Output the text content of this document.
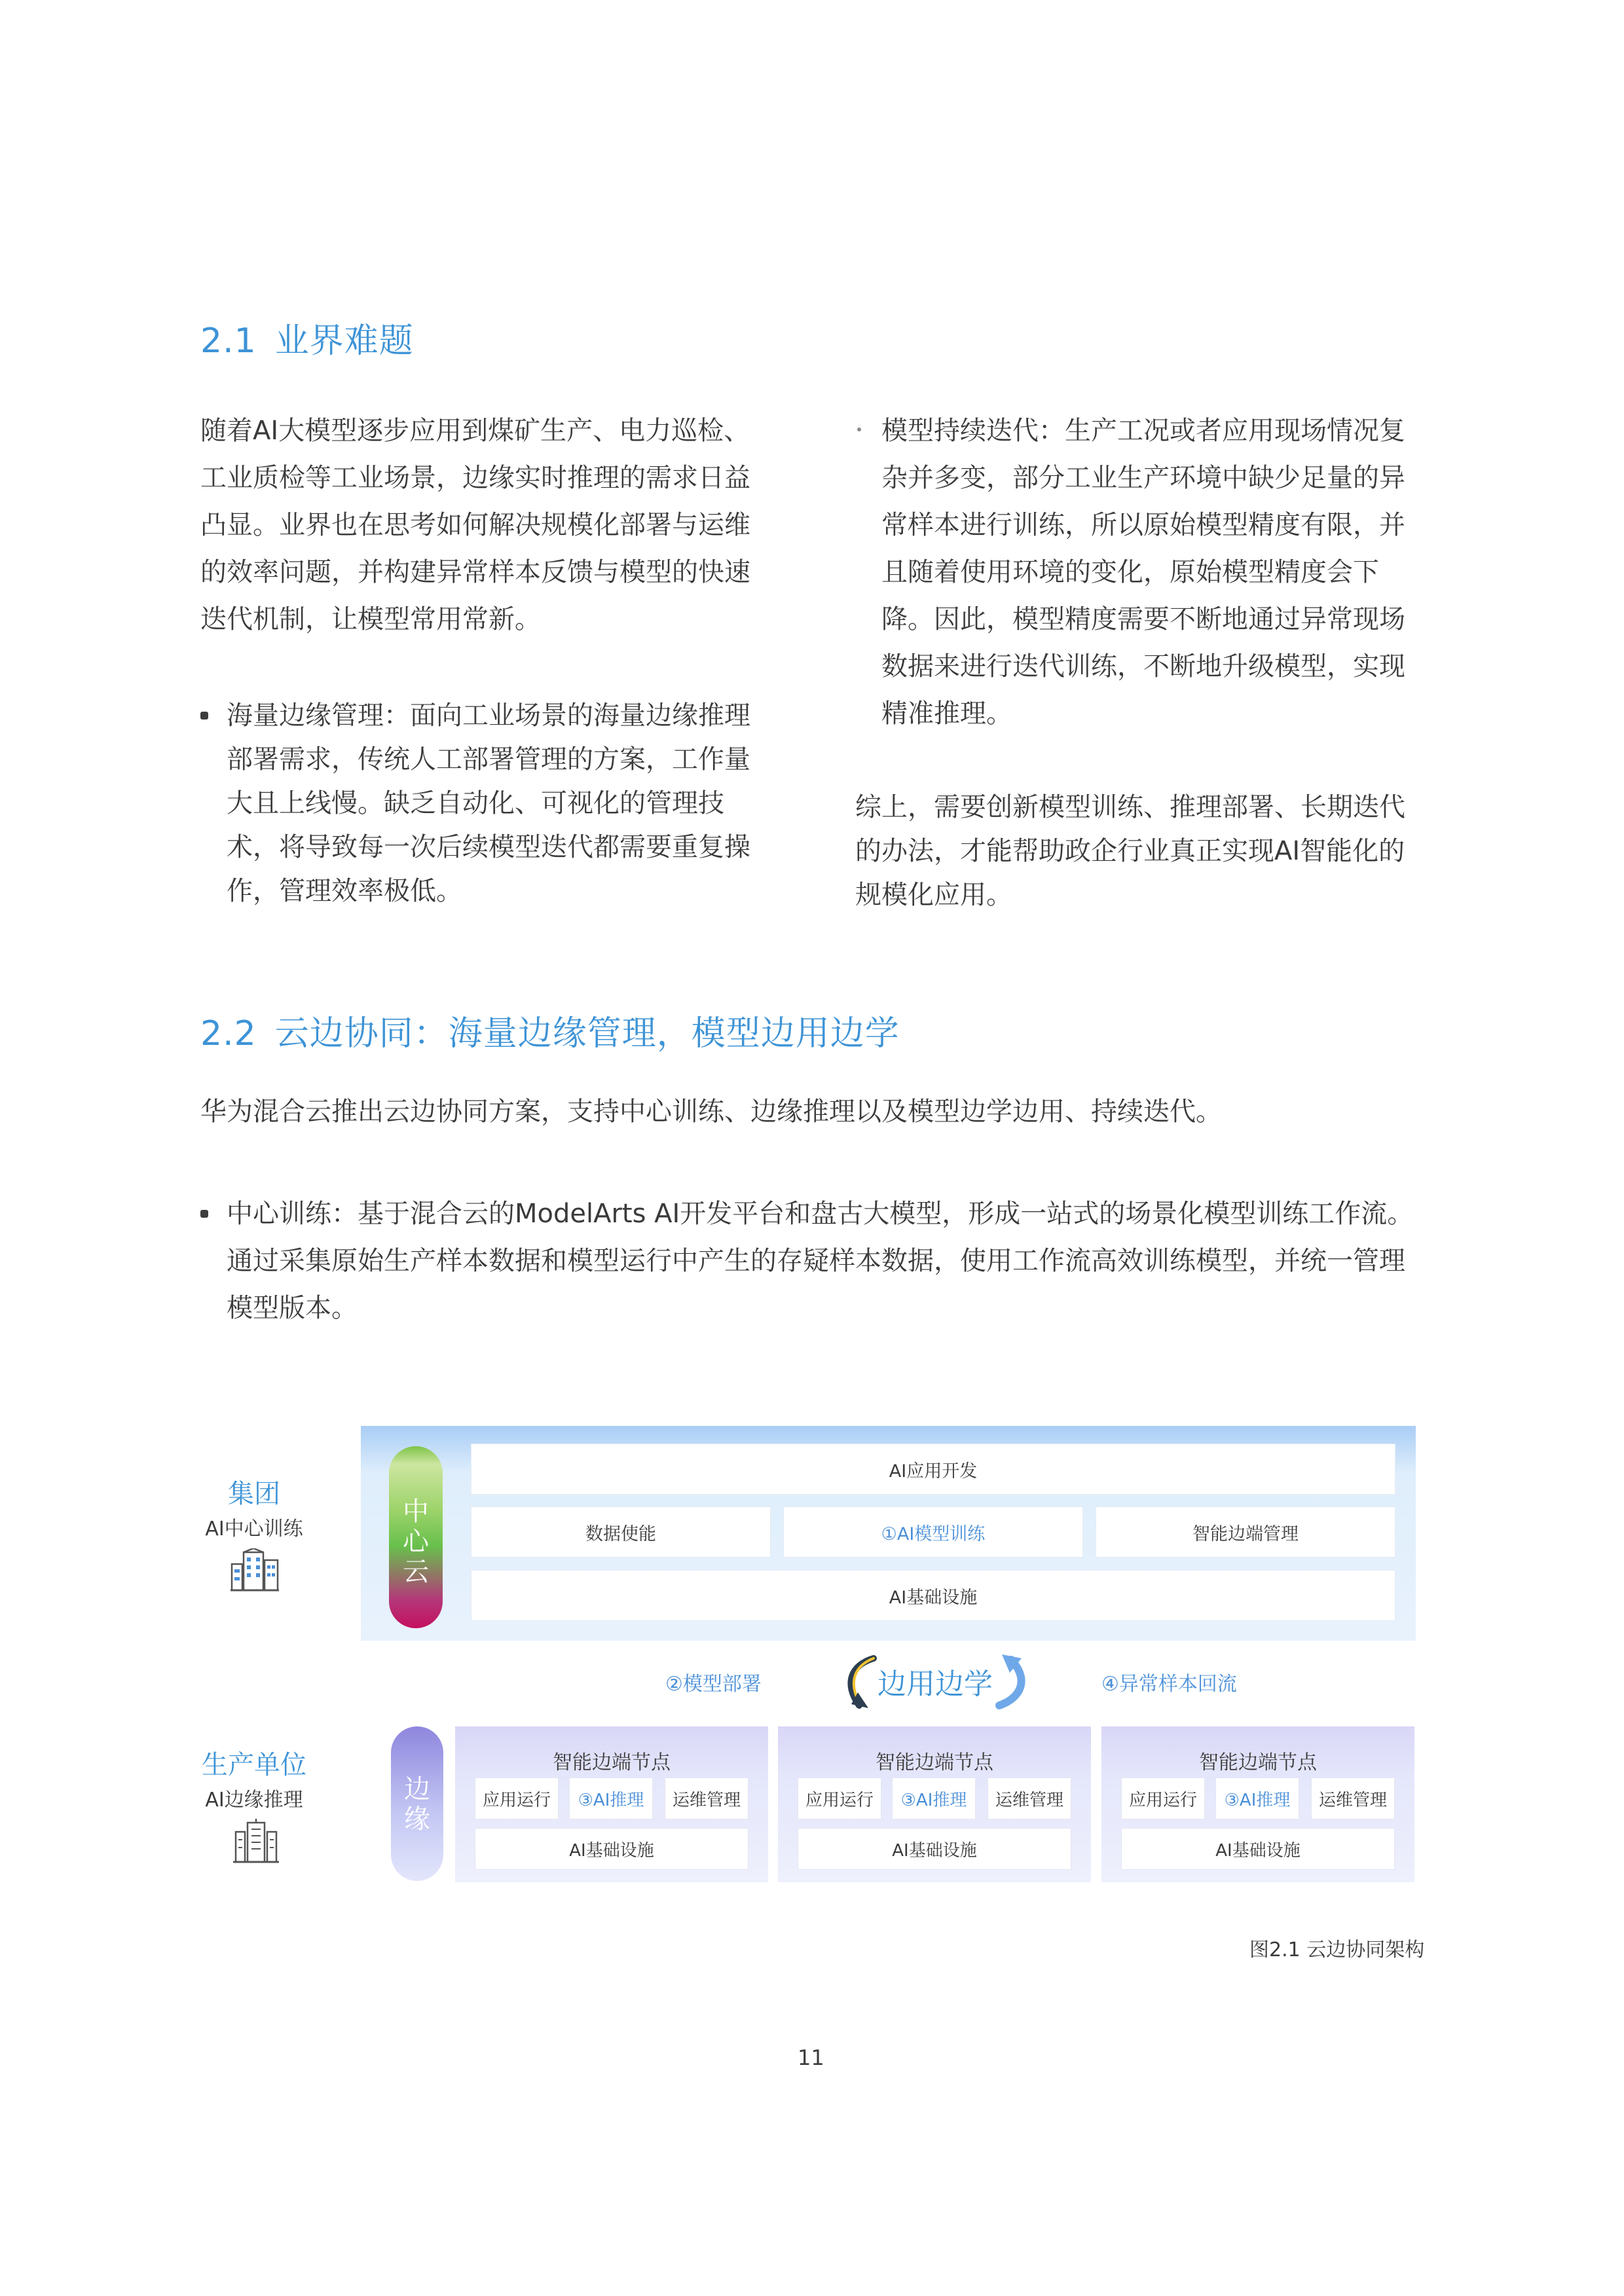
2.1 业界难题
随着AI大模型逐步应用到煤矿生产、电力巡检、
工业质检等工业场景，边缘实时推理的需求日益
凸显。业界也在思考如何解决规模化部署与运维
的效率问题，并构建异常样本反馈与模型的快速
迭代机制，让模型常用常新。
海量边缘管理：面向工业场景的海量边缘推理
部署需求，传统人工部署管理的方案，工作量
大且上线慢。缺乏自动化、可视化的管理技
术，将导致每一次后续模型迭代都需要重复操
作，管理效率极低。
模型持续迭代：生产工况或者应用现场情况复
杂并多变，部分工业生产环境中缺少足量的异
常样本进行训练，所以原始模型精度有限，并
且随着使用环境的变化，原始模型精度会下
降。因此，模型精度需要不断地通过异常现场
数据来进行迭代训练，不断地升级模型，实现
精准推理。
综上，需要创新模型训练、推理部署、长期迭代
的办法，才能帮助政企行业真正实现AI智能化的
规模化应用。
2.2 云边协同：海量边缘管理，模型边用边学
华为混合云推出云边协同方案，支持中心训练、边缘推理以及模型边学边用、持续迭代。
中心训练：基于混合云的ModelArts AI开发平台和盘古大模型，形成一站式的场景化模型训练工作流。
通过采集原始生产样本数据和模型运行中产生的存疑样本数据，使用工作流高效训练模型，并统一管理
模型版本。
集团
AI中心训练
中
心
云
AI应用开发
数据使能	①AI模型训练	智能边端管理
AI基础设施
②模型部署	边用边学	④异常样本回流
生产单位
AI边缘推理	边
缘
智能边端节点
应用运行	③AI推理	运维管理
AI基础设施
智能边端节点
应用运行	③AI推理	运维管理
AI基础设施
智能边端节点
应用运行	③AI推理	运维管理
AI基础设施
图2.1 云边协同架构
11
